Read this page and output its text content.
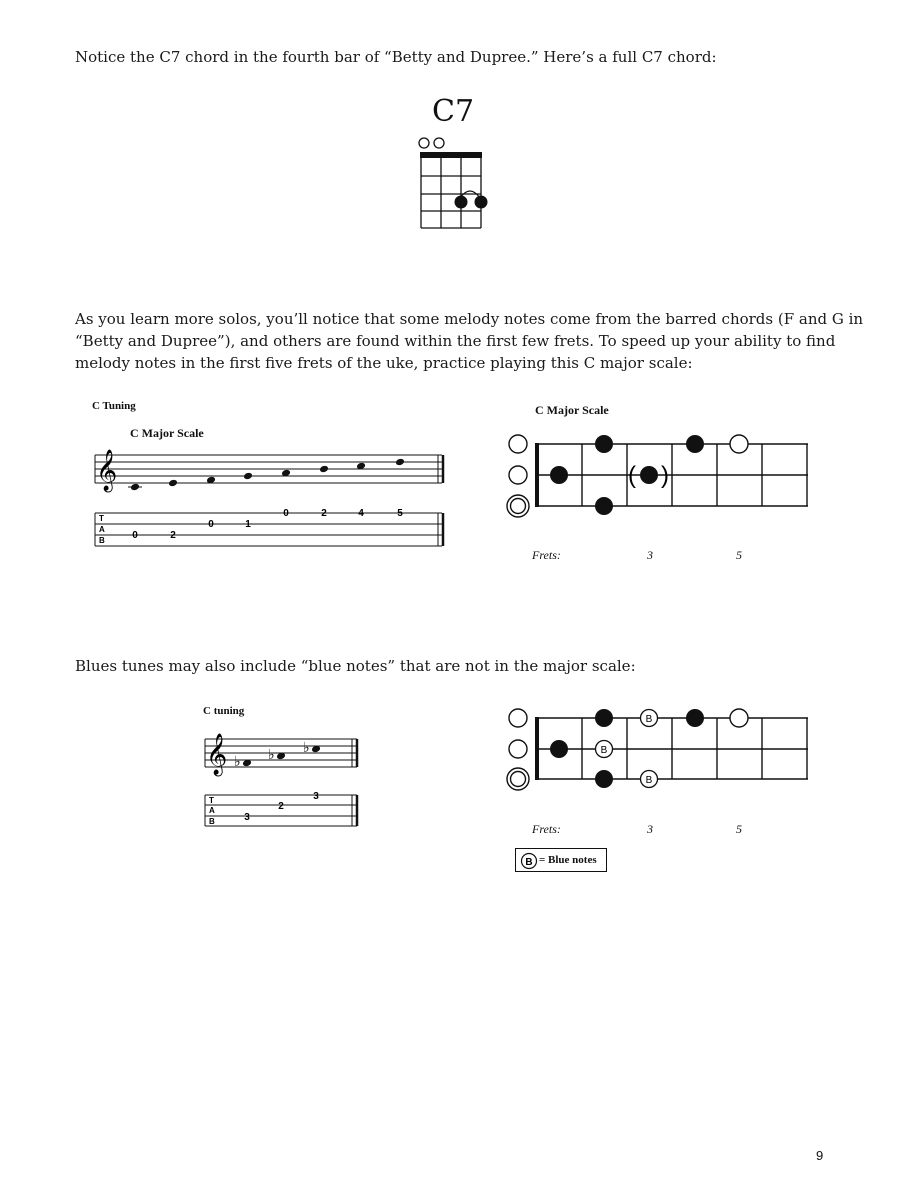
Notice the C7 chord in the fourth bar of “Betty and Dupree.” Here’s a full C7 chord:

C7

As you learn more solos, you’ll notice that some melody notes come from the barred chords (F and G in

“Betty and Dupree”), and others are found within the first few frets. To speed up your ability to find

melody notes in the first five frets of the uke, practice playing this C major scale:

C Tuning
C Major Scale
𝄞
T
A
B	0	2
0	1
0	2	4	5
C Major Scale
( )
Frets:	3	5

Blues tunes may also include “blue notes” that are not in the major scale:

C tuning
𝄞 ♭ ♭ ♭
T
A
B	3
2
3
B
B
B
Frets:	3	5
B = Blue notes
9
